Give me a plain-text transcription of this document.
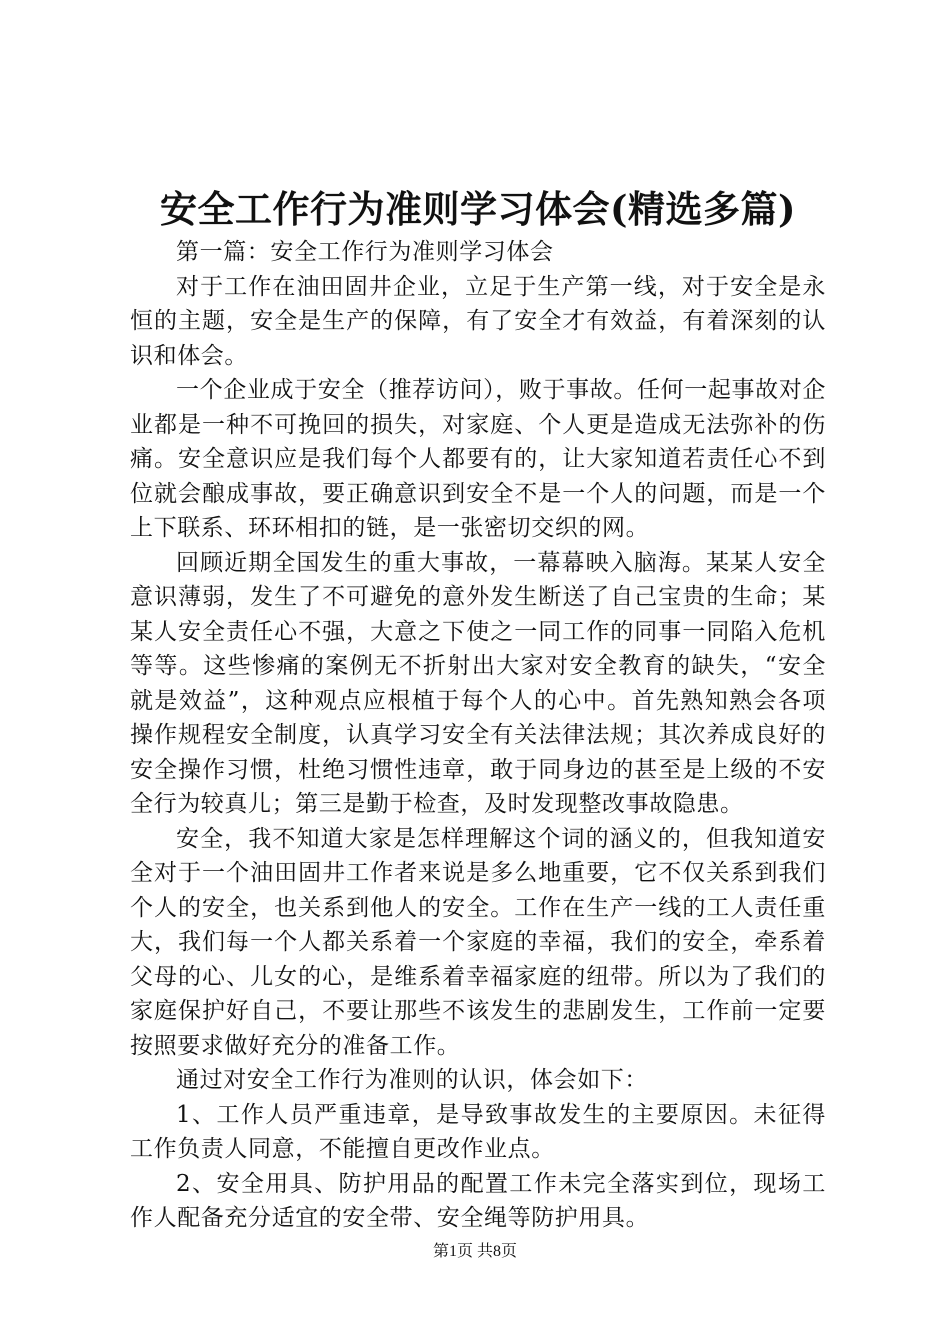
安全工作行为准则学习体会(精选多篇)

第一篇：安全工作行为准则学习体会

对于工作在油田固井企业，立足于生产第一线，对于安全是永恒的主题，安全是生产的保障，有了安全才有效益，有着深刻的认识和体会。

一个企业成于安全（推荐访问），败于事故。任何一起事故对企业都是一种不可挽回的损失，对家庭、个人更是造成无法弥补的伤痛。安全意识应是我们每个人都要有的，让大家知道若责任心不到位就会酿成事故，要正确意识到安全不是一个人的问题，而是一个上下联系、环环相扣的链，是一张密切交织的网。

回顾近期全国发生的重大事故，一幕幕映入脑海。某某人安全意识薄弱，发生了不可避免的意外发生断送了自己宝贵的生命；某某人安全责任心不强，大意之下使之一同工作的同事一同陷入危机等等。这些惨痛的案例无不折射出大家对安全教育的缺失，“安全就是效益”，这种观点应根植于每个人的心中。首先熟知熟会各项操作规程安全制度，认真学习安全有关法律法规；其次养成良好的安全操作习惯，杜绝习惯性违章，敢于同身边的甚至是上级的不安全行为较真儿；第三是勤于检查，及时发现整改事故隐患。

安全，我不知道大家是怎样理解这个词的涵义的，但我知道安全对于一个油田固井工作者来说是多么地重要，它不仅关系到我们个人的安全，也关系到他人的安全。工作在生产一线的工人责任重大，我们每一个人都关系着一个家庭的幸福，我们的安全，牵系着父母的心、儿女的心，是维系着幸福家庭的纽带。所以为了我们的家庭保护好自己，不要让那些不该发生的悲剧发生，工作前一定要按照要求做好充分的准备工作。

通过对安全工作行为准则的认识，体会如下：

1、工作人员严重违章，是导致事故发生的主要原因。未征得工作负责人同意，不能擅自更改作业点。

2、安全用具、防护用品的配置工作未完全落实到位，现场工作人配备充分适宜的安全带、安全绳等防护用具。

第1页 共8页
